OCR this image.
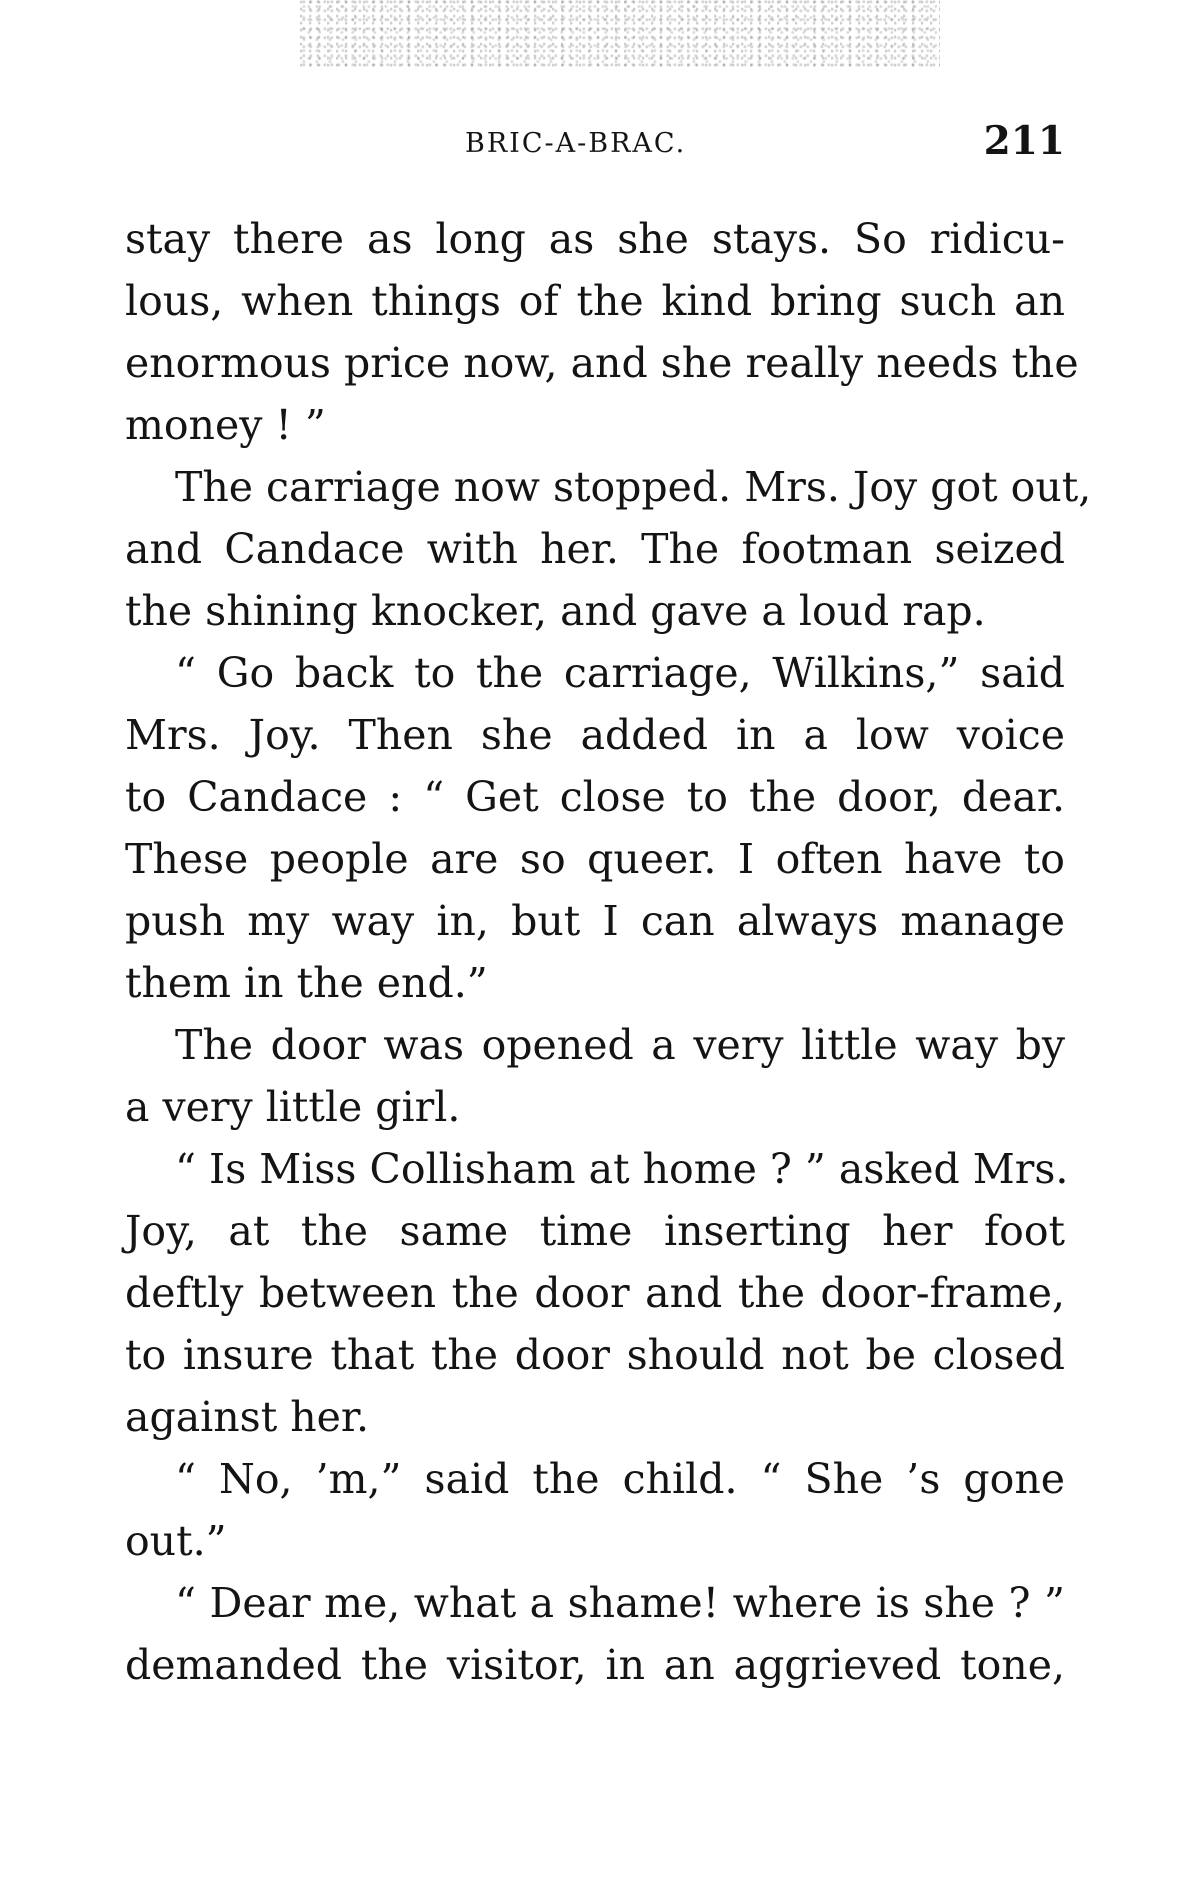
BRIC-A-BRAC.	211
stay there as long as she stays. So ridicu-
lous, when things of the kind bring such an
enormous price now, and she really needs the
money ! ”
The carriage now stopped. Mrs. Joy got out,
and Candace with her. The footman seized
the shining knocker, and gave a loud rap.
“ Go back to the carriage, Wilkins,” said
Mrs. Joy. Then she added in a low voice
to Candace : “ Get close to the door, dear.
These people are so queer. I often have to
push my way in, but I can always manage
them in the end.”
The door was opened a very little way by
a very little girl.
“ Is Miss Collisham at home ? ” asked Mrs.
Joy, at the same time inserting her foot
deftly between the door and the door-frame,
to insure that the door should not be closed
against her.
“ No, ’m,” said the child. “ She ’s gone
out.”
“ Dear me, what a shame! where is she ? ”
demanded the visitor, in an aggrieved tone,
